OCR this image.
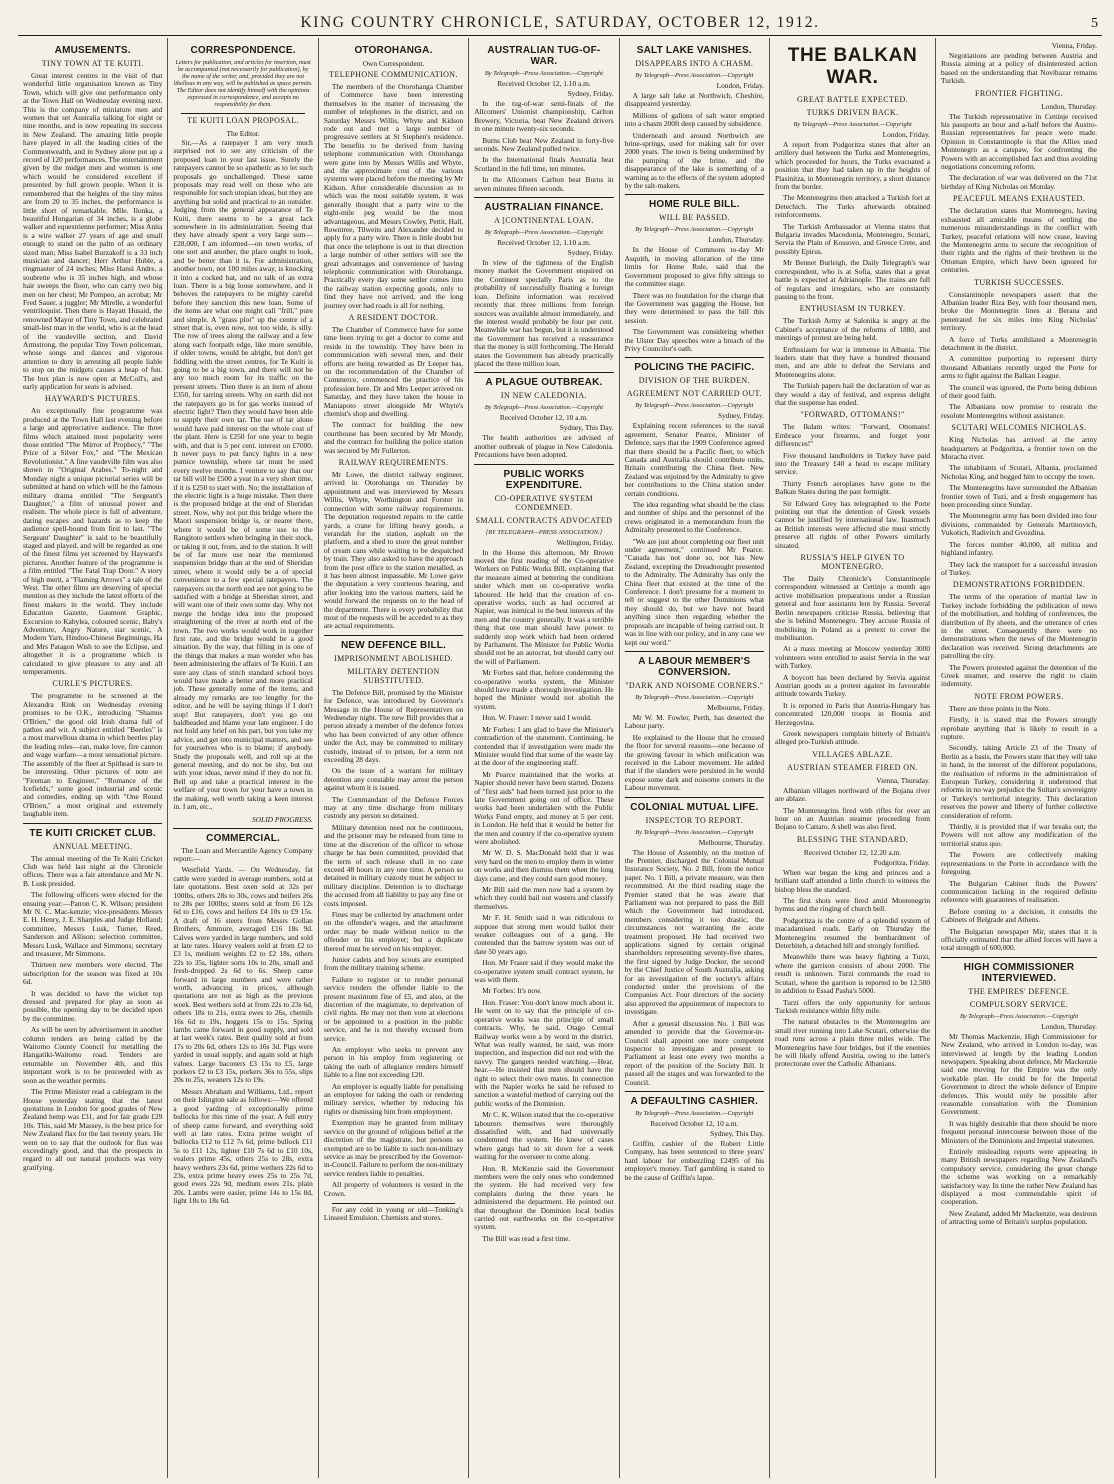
KING COUNTRY CHRONICLE, SATURDAY, OCTOBER 12, 1912.	5
AMUSEMENTS.
TINY TOWN AT TE KUITI.

Great interest centres in the visit of that wonderful little organisation known as Tiny Town, which will give one performance only at the Town Hall on Wednesday evening next. This is the company of miniature men and women that set Australia talking for eight or nine months, and is now repeating its success in New Zealand. The amazing little people have played in all the leading cities of the Commonwealth, and in Sydney alone put up a record of 120 performances. The entertainment given by the midget men and women is one which would be considered excellent if presented by full grown people. When it is remembered that the heights of the tiny mites are from 20 to 35 inches, the performance is little short of remarkable. Mlle. Ilonka, a beautiful Hungarian of 34 inches, is a globe walker and equestrienne performer; Miss Anita is a wire walker 27 years of age and small enough to stand on the palm of an ordinary sized man; Miss Isabel Burzakoff is a 33 inch musician and dancer; Herr Arthur Huble, a ringmaster of 24 inches; Miss Hansi Andre, a soubrette who is 35 inches high, and whose hair sweeps the floor, who can carry two big men on her chest; Mr Pompeo, an acrobat; Mr Fred Sauer, a juggler; Mr Mirelle, a wonderful ventriloquist. Then there is Hayatt Husaid, the renowned Mayor of Tiny Town, and celebrated small-lest man in the world, who is at the head of the vaudeville section, and David Armstrong, the popular Tiny Town policeman, whose songs and dances and vigorous attention to duty in arresting all people liable to stop on the midgets causes a heap of fun. The box plan is now open at McColl's, and early application for seats is advised.

HAYWARD'S PICTURES.

An exceptionally fine programme was produced at the Town Hall last evening before a large and appreciative audience. The three films which attained most popularity were those entitled "The Mirror of Prophecy," "The Price of a Silver Fox," and "The Mexican Revolutionist." A fine vaudeville film was also shown in "Original Arabes." To-night and Monday night a unique pictorial series will be submitted at hand on which will be the famous military drama entitled "The Sergeant's Daughter," a film of unusual power and realism. The whole piece is full of adventure, daring escapes and hazards as to keep the audience spell-bound from first to last. "The Sergeant' Daughter" is said to be beautifully staged and played, and will be regarded as one of the finest films yet screened by Hayward's pictures. Another feature of the programme is a film entitled "The Fatal Trap Door." A story of high merit, a "Flaming Arrows" a tale of the West. The other films are deserving of special mention as they include the latest efforts of the finest makers in the world. They include Education Gazette, Gaumont Graphic, Excursion to Kabylea, coloured scenic, Baby's Adventure, Angry Nature, star scenic, A Modern Yarn, Hindoo-Chinese Beginnings, Ha and Mrs Patagon Wish to see the Eclipse, and altogether it is a programme which is calculated to give pleasure to any and all temperaments.

CURLE'S PICTURES.

The programme to be screened at the Alexandra Rink on Wednesday evening promises to be O.K., introducing "Shamus O'Brien," the good old Irish drama full of pathos and wit. A subject entitled "Beetles" is a most marvellous drama in which beetles play the leading roles—ran, make love, fire cannon and wage warfare—a most sensational picture. The assembly of the fleet at Spithead is sure to be interesting. Other pictures of note are "Fireman to Engineer," "Romance of the Icefields," some good industrial and scenic and comedies, ending up with "One Round O'Brien," a most original and extremely laughable item.

TE KUITI CRICKET CLUB.
ANNUAL MEETING.

The annual meeting of the Te Kuiti Cricket Club was held last night at the Chronicle offices. There was a fair attendance and Mr N. B. Lusk presided.

The following officers were elected for the ensuing year:—Patron C. K. Wilson; president Mr N. C. Mac-kenzie; vice-presidents Messrs E. H. Henry, J. E. Sharples and Judge Holland; committee, Messrs Lusk, Turner, Reed, Sanderson and Allison; selection committee, Messrs Lusk, Wallace and Simmons; secretary and treasurer, Mr Simmons.

Thirteen new members were elected. The subscription for the season was fixed at 10s 6d.

It was decided to have the wicket top dressed and prepared for play as soon as possible, the opening day to be decided upon by the committee.

As will be seen by advertisement in another column tenders are being called by the Waitomo County Council for metalling the Hangatiki-Waitomo road. Tenders are returnable on November 4th, and this important work is to be proceeded with as soon as the weather permits.

The Prime Minister read a cablegram in the House yesterday stating that the latest quotations in London for good grades of New Zealand hemp was £31, and for fair grade £29 10s. This, said Mr Massey, is the best price for New Zealand flax for the last twenty years. He went on to say that the outlook for flax was exceedingly good, and that the prospects in regard to all our natural products was very gratifying.

CORRESPONDENCE.

Letters for publication, and articles for insertion, must be accompanied (not necessarily for publication), by the name of the writer, and, provided they are not libellous in any way, will be published as space permits. The Editor does not identify himself with the opinions expressed in correspondence, and accepts no responsibility for them.

TE KUITI LOAN PROPOSAL.
The Editor.

Sir,—As a ratepayer I am very much surprised not to see any criticism of the proposed loan in your last issue. Surely the ratepayers cannot be so apathetic as to let such proposals go unchallenged. These same proposals may read well on those who are responsible for such utopian ideas, but they are anything but solid and practical to an outsider. Judging from the general appearance of Te Kuiti, there seems to be a great lack somewhere in its administration. Seeing that they have already spent a very large sum—£28,000, I am informed—on town works, of one sort and another, the place ought to look, and be better than it is. For administration, another town, not 100 miles away, is knocking it into a cocked hat, and no talk of an extra loan. There is a big loose somewhere, and it behoves the ratepayers to be mighty careful before they sanction this new loan. Some of the items are what one might call "frill," pure and simple. A "grass plot" up the centre of a street that is, even now, not too wide, is silly. The row of trees along the railway and a few along each footpath edge, like more sensible, if older towns, would be alright, but don't get fiddling with the street centres, for Te Kuiti is going to be a big town, and there will not be any too much room for its traffic on the present streets. Then there is an item of about £350, for tarring streets. Why on earth did not the ratepayers go in for gas works instead of electric light? Then they would have been able to supply their own tar. The use of tar alone would have paid interest on the whole cost of the plant. Here is £250 for one year to begin with, and that is 5 per cent. interest on £7000. It never pays to put fancy lights in a new pumice township, where tar must be used every twelve months. I venture to say that our tar bill will be £500 a year in a very short time, if it is £250 to start with. No; the installation of the electric light is a huge mistake. Then there is the proposed bridge at the end of Sheridan street. Now, why not put this bridge where the Maori suspension bridge is, or nearer there, where it would be of some use to the Rangitoto settlers when bringing in their stock, or taking it out, from, and to the station. It will be of far more use near the mentioned suspension bridge than at the end of Sheridan street, where it would only be a of special convenience to a few special ratepayers. The ratepayers on the north end are not going to be satisfied with a bridge at Sheridan street, and will want one of their own some day. Why not merge the bridge idea into the proposed straightening of the river at north end of the town. The two works would work in together first rate, and the bridge would be a good situation. By the way, that filling in is one of the things that makes a man wonder who has been administering the affairs of Te Kuiti. I am sure any class of stitch standard school boys would have made a better and more practical job. These generally some of the items, and already my remarks are too lengthy for the editor, and he will be saying things if I don't stop! But ratepayers, don't you go out baldheaded and blame your late engineer. I do not hold any brief on his part, but you take my advice, and get into municipal matters, and see for yourselves who is to blame; if anybody. Study the proposals well, and roll up at the general meeting, and do not be shy, but out with your ideas, never mind if they do not fit. Bell up and take a practical interest in the welfare of your town for your have a town in the making, well worth taking a keen interest in. I am, etc.,

SOLID PROGRESS.
COMMERCIAL.

The Loan and Mercantile Agency Company report:—

Westfield Yards. — On Wednesday, fat cattle were yarded in average numbers, sold at late quotations. Best oxen sold at 32s per 100lbs, others 28s to 30s, cows and heifers 26s to 28s per 100lbs; steers sold at from £6 12s 6d to £16, cows and heifers £4 10s to £9 15s. A draft of 16 steers from Messrs Gollan Brothers, Ammure, averaged £16 18s 9d. Calves were yarded in large numbers, and sold at late rates. Heavy vealers sold at from £2 to £3 1s, medium weights £2 to £2 18s, others 22s to 35s, lighter sorts 10s to 20s, small and fresh-dropped 2s 6d to 6s. Sheep came forward in large numbers and were rather worth, advancing in prices, although quotations are not as high as the previous week. Best wethers sold at from 22s to 23s 6d, others 18s to 21s, extra ewes to 26s, chemils 16s 6d to 19s, hoggets 15s to 15s. Spring lambs came forward in good supply, and sold at last week's rates. Best quality sold at from 17s to 20s 6d, others 12s to 16s 3d. Pigs were yarded in usual supply, and again sold at high values. Large baconers £3 15s to £5, large porkers £2 to £3 15s, porkers 36s to 55s, slips 20s to 25s, weaners 12s to 19s.

Messrs Abraham and Williams, Ltd., report on their Islington sale as follows:—We offered a good yarding of exceptionally prime bullocks for this time of the year. A full entry of sheep came forward, and everything sold well at late rates. Extra prime weight of bullocks £12 to £12 7s 6d, prime bullock £11 5s to £11 12s, lighter £10 7s 6d to £10 10s, vealers prime 45s, others 25s to 28s, extra heavy wethers 23s 6d, prime wethers 22s 6d to 23s, extra prime heavy ewes 25s to 25s 7d, good ewes 22s 9d, medium ewes 21s, plain 20s. Lambs were easier, prime 14s to 15s 8d, light 18s to 18s 6d.

OTOROHANGA.
Own Correspondent.
TELEPHONE COMMUNICATION.

The members of the Otorohanga Chamber of Commerce have been interesting themselves in the matter of increasing the number of telephones in the district, and on Saturday Messrs Willis, Whyte and Kidson rode out and met a large number of progressive settlers at St Stephen's residence. The benefits to be derived from having telephone communication with Otorohanga were gone into by Messrs Willis and Whyte, and the approximate cost of the various systems were placed before the meeting by Mr Kidson. After considerable discussion as to which was the most suitable system, it was generally thought that a party wire to the eight-mile peg would be the most advantageous, and Messrs Cowley, Pettit, Hall, Rowntree, Tilweits and Alexander decided to apply for a party wire. There is little doubt but that once the telephone is out in that direction a large number of other settlers will see the great advantages and convenience of having telephonic communication with Otorohanga. Practically every day some settler comes into the railway station expecting goods, only to find they have not arrived, and the long journey over bad roads is all for nothing.

A RESIDENT DOCTOR.

The Chamber of Commerce have for some time been trying to get a doctor to come and reside in the township. They have been in communication with several men, and their efforts are being rewarded as Dr Leeper has, on the recommendation of the Chamber of Commerce, commenced the practice of his profession here. Dr and Mrs Leeper arrived on Saturday, and they have taken the house in Maniapoto street alongside Mr Whyte's chemist's shop and dwelling.

The contract for building the new courthouse has been secured by Mr Moody, and the contract for building the police station was secured by Mr Fullerton.

RAILWAY REQUIREMENTS.

Mr Lowe, the district railway engineer, arrived in Otorohanga on Thursday by appointment and was interviewed by Messrs Willis, Whyte, Worthington and Forster in connection with some railway requirements. The deputation requested repairs to the cattle yards, a crane for lifting heavy goods, a verandah for the station, asphalt on the platform, and a shed to store the great number of cream cans while waiting to be despatched by train. They also asked to have the approach from the post office to the station metalled, as it has been almost impassable. Mr Lowe gave the deputation a very courteous hearing, and after looking into the various matters, said he would forward the requests on to the head of the department. There is every probability that most of the requests will be acceded to as they are actual requirements.

NEW DEFENCE BILL.
IMPRISONMENT ABOLISHED.
MILITARY DETENTION SUBSTITUTED.

The Defence Bill, promised by the Minister for Defence, was introduced by Governor's Message in the House of Representatives on Wednesday night. The new Bill provides that a person already a member of the defence forces who has been convicted of any other offence under the Act, may be committed to military custody, instead of to prison, for a term not exceeding 28 days.

On the issue of a warrant for military detention any constable may arrest the person against whom it is issued.

The Commandant of the Defence Forces may at any time discharge from military custody any person so detained.

Military detention need not be continuous, and the prisoner may be released from time to time at the discretion of the officer to whose charge he has been committed, provided that the term of such release shall in no case exceed 48 hours in any one time. A person so detained in military custody must be subject to military discipline. Detention is to discharge the accused from all liability to pay any fine or costs imposed.

Fines may be collected by attachment order on the offender's wages, and the attachment order may be made without notice to the offender or his employer; but a duplicate thereof must be served on his employer.

Junior cadets and boy scouts are exempted from the military training scheme.

Failure to register or to render personal service renders the offender liable to the present maximum fine of £5, and also, at the discretion of the magistrate, to deprivation of civil rights. He may not then vote at elections or be appointed to a position in the public service, and he is not thereby excused from service.

An employer who seeks to prevent any person in his employ from registering or taking the oath of allegiance renders himself liable to a fine not exceeding £20.

An employer is equally liable for penalising an employee for taking the oath or rendering military service, whether by reducing his rights or dismissing him from employment.

Exemption may be granted from military service on the ground of religious belief at the discretion of the magistrate, but persons so exempted are to be liable to such non-military service as may be prescribed by the Governor-in-Council. Failure to perform the non-military service renders liable to penalties.

All property of volunteers is vested in the Crown.

For any cold in young or old—Tonking's Linseed Emulsion. Chemists and stores.

AUSTRALIAN TUG-OF-WAR.
By Telegraph—Press Association.—Copyright
Received October 12, 1.10 a.m.
Sydney, Friday.

In the tug-of-war semi-finals of the Allcomers' Unionist championship, Carlton Brewery, Victoria, beat New Zealand drivers in one minute twenty-six seconds.

Burns Club beat New Zealand in forty-five seconds. New Zealand pulled twice.

In the International finals Australia beat Scotland in the full time, ten minutes.

In the Allcomers Carlton beat Burns in seven minutes fifteen seconds.

AUSTRALIAN FINANCE.
A [CONTINENTAL LOAN.
By Telegraph—Press Association.—Copyright
Received October 12, 1.10 a.m.
Sydney, Friday.

In view of the tightness of the English money market the Government enquired on the Continent specially Paris as to the probability of successfully floating a foreign loan. Definite information was received recently that three millions from foreign sources was available almost immediately, and the interest would probably be four per cent. Meanwhile war has begun, but it is understood the Government has received a reassurance that the money is still forthcoming. The Herald states the Government has already practically placed the three million loan.

A PLAGUE OUTBREAK.
IN NEW CALEDONIA.
By Telegraph—Press Association.—Copyright
Received October 12, 10 a.m.
Sydney, This Day.

The health authorities are advised of another outbreak of plague in New Caledonia. Precautions have been adopted.

PUBLIC WORKS EXPENDITURE.
CO-OPERATIVE SYSTEM CONDEMNED.
SMALL CONTRACTS ADVOCATED
[BY TELEGRAPH—PRESS ASSOCIATION.]
Wellington, Friday.

In the House this afternoon, Mr Brown moved the first reading of the Co-operative Workers on Public Works Bill, explaining that the measure aimed at bettering the conditions under which men on co-operative works laboured. He held that the creation of co-operative works, such as had occurred at Napier, was inimical to the best interests of the men and the country generally. It was a terrible thing that one man should have power to suddenly stop work which had been ordered by Parliament. The Minister for Public Works should not be an autocrat, but should carry out the will of Parliament.

Mr Forbes said that, before condemning the co-operative works system, the Minister should have made a thorough investigation. He hoped the Minister would not abolish the system.

Hon. W. Fraser: I never said I would.

Mr Forbes: I am glad to have the Minister's contradiction of the statement. Continuing, he contended that if investigation were made the Minister would find that some of the waste lay at the door of the engineering staff.

Mr Pearce maintained that the works at Napier should never have been started. Dozens of "first aids" had been turned just prior to the late Government going out of office. These works had been undertaken with the Public Works Fund empty, and money at 5 per cent. in London. He held that it would be better for the men and country if the co-operative system were abolished.

Mr W. D. S. MacDonald held that it was very hard on the men to employ them in winter on works and then dismiss them when the long days came, and they could earn good money.

Mr Bill said the men now had a system by which they could bail out wasters and classify themselves.

Mr F. H. Smith said it was ridiculous to suppose that strong men would ballot their weaker colleagues out of a gang. He contended that the barrow system was out of date 50 years ago.

Hon. Mr Fraser said if they would make the co-operative system small contract system, he was with them.

Mr Forbes: It's now.

Hon. Fraser: You don't know much about it. He went on to say that the principle of co-operative works was the principle of small contracts. Why, he said, Otago Central Railway works were a by word in the district. What was really wanted, he said, was more inspection, and inspection did not end with the navvy. The gangers needed watching.—Hear, hear.—He insisted that men should have the right to select their own mates. In connection with the Napier works he said he refused to sanction a wasteful method of carrying out the public works of the Dominion.

Mr C. K. Wilson stated that the co-operative labourers themselves were thoroughly dissatisfied with, and had universally condemned the system. He knew of cases where gangs had to sit down for a week waiting for the overseer to come along.

Hon. R. McKenzie said the Government members were the only ones who condemned the system. He had received very few complaints during the three years he administered the department. He pointed out that throughout the Dominion local bodies carried out earthworks on the co-operative system.

The Bill was read a first time.

SALT LAKE VANISHES.
DISAPPEARS INTO A CHASM.
By Telegraph—Press Association.—Copyright
London, Friday.

A large salt lake at Northwich, Cheshire, disappeared yesterday.

Millions of gallons of salt water emptied into a chasm 200ft deep caused by subsidence.

Underneath and around Northwich are brine-springs, used for making salt for over 2000 years. The town is being undermined by the pumping of the brine, and the disappearance of the lake is something of a warning as to the effects of the system adopted by the salt-makers.

HOME RULE BILL.
WILL BE PASSED.
By Telegraph—Press Association.—Copyright
London, Thursday.

In the House of Commons to-day Mr Asquith, in moving allocation of the time limits for Home Rule, said that the Government proposed to give fifty sittings to the committee stage.

There was no foundation for the charge that the Government was gagging the House, but they were determined to pass the bill this session.

The Government was considering whether the Ulster Day speeches were a breach of the Privy Councilor's oath.

POLICING THE PACIFIC.
DIVISION OF THE BURDEN.
AGREEMENT NOT CARRIED OUT.
By Telegraph—Press Association.—Copyright
Sydney, Friday.

Explaining recent references to the naval agreement, Senator Pearce, Minister of Defence, says that the 1909 Conference agreed that there should be a Pacific fleet, to which Canada and Australia should contribute units, Britain contributing the China fleet. New Zealand was enjoined by the Admiralty to give her contributions to the China station under certain conditions.

The idea regarding what should be the class and number of ships and the personnel of the crews originated in a memorandum from the Admiralty presented to the Conference.

"We are just about completing our fleet unit under agreement," continued Mr Pearce. "Canada has not done so, nor has New Zealand, excepting the Dreadnought presented to the Admiralty. The Admiralty has only the China fleet that existed at the time of the Conference. I don't presume for a moment to tell or suggest to the other Dominions what they should do, but we have not heard anything since then regarding whether the proposals are incapable of being carried out. It was in line with our policy, and in any case we kept our word."

A LABOUR MEMBER'S CONVERSION.
"DARK AND NOISOME CORNERS."
By Telegraph—Press Association.—Copyright
Melbourne, Friday.

Mr W. M. Fowler, Perth, has deserted the Labour party.

He explained to the House that he crossed the floor for several reasons—one because of the growing favour in which unification was received in the Labour movement. He added that if the slanders were persisted in he would expose some dark and noisome corners in the Labour movement.

COLONIAL MUTUAL LIFE.
INSPECTOR TO REPORT.
By Telegraph—Press Association.—Copyright
Melbourne, Thursday.

The House of Assembly, on the motion of the Premier, discharged the Colonial Mutual Insurance Society, No. 2 Bill, from the notice paper. No. 1 Bill, a private measure, was then recommitted. At the third reading stage the Premier stated that he was aware that Parliament was not prepared to pass the Bill which the Government had introduced, members considering it too drastic, the circumstances not warranting the acute treatment proposed. He had received two applications signed by certain original shareholders representing seventy-five shares, the first signed by Judge Docker, the second by the Chief Justice of South Australia, asking for an investigation of the society's affairs conducted under the provisions of the Companies Act. Four directors of the society also approved the appointment of inspectors to investigate.

After a general discussion No. 1 Bill was amended to provide that the Governor-in-Council shall appoint one more competent inspector to investigate and present to Parliament at least one every two months a report of the position of the Society Bill. It passed all the stages and was forwarded to the Council.

A DEFAULTING CASHIER.
By Telegraph—Press Association.—Copyright
Received October 12, 10 a.m.
Sydney, This Day.

Griffin, cashier of the Robert Little Company, has been sentenced to three years' hard labour for embezzling £2495 of his employer's money. Turf gambling is stated to be the cause of Griffin's lapse.

THE BALKAN WAR.
GREAT BATTLE EXPECTED.
TURKS DRIVEN BACK.
By Telegraph—Press Association.—Copyright
London, Friday.

A report from Podgoritza states that after an artillery duel between the Turks and Montenegrins, which proceeded for hours, the Turks evacuated a position that they had taken up in the heights of Plasinitza, in Montenegrin territory, a short distance from the border.

The Montenegrins then attacked a Turkish fort at Detechich. The Turks afterwards obtained reinforcements.

The Turkish Ambassador at Vienna states that Bulgaria invades Macedonia, Montenegro, Scutari, Servia the Plain of Kossovo, and Greece Crete, and possibly Epirus.

Mr Bennet Burleigh, the Daily Telegraph's war correspondent, who is at Sofia, states that a great battle is expected at Adrianople. The trains are full of regulars and irregulars, who are constantly passing to the front.

ENTHUSIASM IN TURKEY.

The Turkish Army at Salonika is angry at the Cabinet's acceptance of the reforms of 1880, and meetings of protest are being held.

Enthusiasm for war is immense in Albania. The leaders state that they have a hundred thousand men, and are able to defeat the Servians and Montenegrins alone.

The Turkish papers hail the declaration of war as they would a day of festival, and express delight that the suspense has ended.

"FORWARD, OTTOMANS!"

The Ikdam writes: "Forward, Ottomans! Embrace your firearms, and forget your differences!"

Five thousand landholders in Turkey have paid into the Treasury £40 a head to escape military service.

Thirty French aeroplanes have gone to the Balkan States during the past fortnight.

Sir Edward Grey has telegraphed to the Porte pointing out that the detention of Greek vessels cannot be justified by international law. Inasmuch as British interests were affected she must strictly preserve all rights of other Powers similarly situated.

RUSSIA'S HELP GIVEN TO MONTENEGRO.

The Daily Chronicle's Constantinople correspondent witnessed at Cettinje a month ago active mobilisation preparations under a Russian general and four assistants lent by Russia. Several Berlin newspapers criticise Russia, believing that she is behind Montenegro. They accuse Russia of mobilising in Poland as a pretext to cover the mobilisation.

At a mass meeting at Moscow yesterday 3000 volunteers were enrolled to assist Servia in the war with Turkey.

A boycott has been declared by Servia against Austrian goods as a protest against its favourable attitude towards Turkey.

It is reported in Paris that Austria-Hungary has concentrated 120,000 troops in Bosnia and Herzegovina.

Greek newspapers complain bitterly of Britain's alleged pro-Turkish attitude.

VILLAGES ABLAZE.
AUSTRIAN STEAMER FIRED ON.
Vienna, Thursday.

Albanian villages northward of the Bojana river are ablaze.

The Montenegrins fired with rifles for over an hour on an Austrian steamer proceeding from Bojano to Cattaro. A shell was also fired.

BLESSING THE STANDARD.
Received October 12, 12.20 a.m.
Podgoritza, Friday.

When war began the king and princes and a brilliant staff attended a little church to witness the bishop bless the standard.

The first shots were fired amid Montenegrin hymns and the ringing of church bell.

Podgoritza is the centre of a splendid system of macadamised roads. Early on Thursday the Montenegrins resumed the bombardment of Deterbiteh, a detached hill and strongly fortified.

Meanwhile there was heavy fighting a Turzi, where the garrison consists of about 2000. The result is unknown. Turzi commands the road to Scutari, where the garrison is reported to be 12,500 in addition to Essad Pasha's 5000.

Turzi offers the only opportunity for serious Turkish resistance within fifty mile.

The natural obstacles to the Montenegrins are small river running into Lake Scutari, otherwise the road runs across a plain three miles wide. The Montenegrins have four bridges, but if the enemies he will likely offend Austria, owing to the latter's protectorate over the Catholic Albanians.

Vienna, Friday.

Negotiations are pending between Austria and Russia aiming at a policy of disinterested action based on the understanding that Novibazar remains Turkish.

FRONTIER FIGHTING.
London, Thursday.

The Turkish representative in Cettinje received his passports an hour and a-half before the Austro-Russian representatives for peace were made. Opinion in Constantinople is that the Allies used Montenegro as a catspaw, for confronting the Powers with an accomplished fact and thus avoiding negotiations concerning reform.

The declaration of war was delivered on the 71st birthday of King Nicholas on Monday.

PEACEFUL MEANS EXHAUSTED.

The declaration states that Montenegro, having exhausted all amicable means of settling the numerous misunderstandings in the conflict with Turkey, peaceful relations will now cease, leaving the Montenegrin arms to secure the recognition of their rights and the rights of their brethren in the Ottoman Empire, which have been ignored for centuries.

TURKISH SUCCESSES.

Constantinople newspapers assert that the Albanian leader Riza Bey, with four thousand men, broke the Montenegrin lines at Berana and penetrated for six miles into King Nicholas' territory.

A force of Turks annihilated a Montenegrin detachment in the district.

A committee purporting to represent thirty thousand Albanians recently urged the Porte for arms to fight against the Balkan League.

The council was ignored, the Porte being dubious of their good faith.

The Albanians now promise to restrain the resolute Montenegrins without assistance.

SCUTARI WELCOMES NICHOLAS.

King Nicholas has arrived at the army headquarters at Podgoritza, a frontier town on the Moracha river.

The inhabitants of Scutari, Albania, proclaimed Nicholas King, and begged him to occupy the town.

The Montenegrins have surrounded the Albanian frontier town of Tuzi, and a fresh engagement has been proceeding since Sunday.

The Montenegrin army has been divided into four divisions, commanded by Generals Martinovich, Vukotich, Radivitch and Gvozdina.

The forces number 40,000, all militia and highland infantry.

They lack the transport for a successful invasion of Turkey.

DEMONSTRATIONS FORBIDDEN.

The terms of the operation of martial law in Turkey include forbidding the publication of news of the mobilisation, and holding of conferences, the distribution of fly sheets, and the utterance of cries in the street. Consequently there were no demonstrations when the news of the Montenegrin declaration was received. Strong detachments are patrolling the city.

The Powers protested against the detention of the Greek steamer, and reserve the right to claim indemnity.

NOTE FROM POWERS.

There are three points in the Note.

Firstly, it is stated that the Powers strongly reprobate anything that is likely to result in a rupture.

Secondly, taking Article 23 of the Treaty of Berlin as a basis, the Powers state that they will take in hand, in the interest of the different populations, the realisation of reforms in the administration of European Turkey, considering it understood that reforms in no way prejudice the Sultan's sovereignty or Turkey's territorial integrity. This declaration reserves the power and liberty of further collective consideration of reform.

Thirdly, it is provided that if war breaks out, the Powers will not allow any modification of the territorial status quo.

The Powers are collectively making representations to the Porte in accordance with the foregoing.

The Bulgarian Cabinet finds the Powers' communication lacking in the required definite reference with guarantees of realisation.

Before coming to a decision, it consults the Cabinets of Belgrade and Athens.

The Bulgarian newspaper Mir, states that it is officially estimated that the allied forces will have a total strength of 600,000.

HIGH COMMISSIONER INTERVIEWED.
THE EMPIRES' DEFENCE.
COMPULSORY SERVICE.
By Telegraph—Press Association.—Copyright
London, Thursday.

Mr Thomas Mackenzie, High Commissioner for New Zealand, who arrived in London to-day, was interviewed at length by the leading London newspapers. Speaking about defence, Mr Mackenzie said one moving for the Empire was the only workable plan. He could be for the Imperial Government to direct the whole defence of Empire defences. This would only be possible after reasonable consultation with the Dominion Government.

It was highly desirable that there should be more frequent personal intercourse between those of the Ministers of the Dominions and Imperial statesmen.

Entirely misleading reports were appearing in many British newspapers regarding New Zealand's compulsory service, considering the great change the scheme was working on a remarkably satisfactory way. In time the rather New Zealand has displayed a most commendable spirit of cooperation.

New Zealand, added Mr Mackenzie, was desirous of attracting some of Britain's surplus population.
